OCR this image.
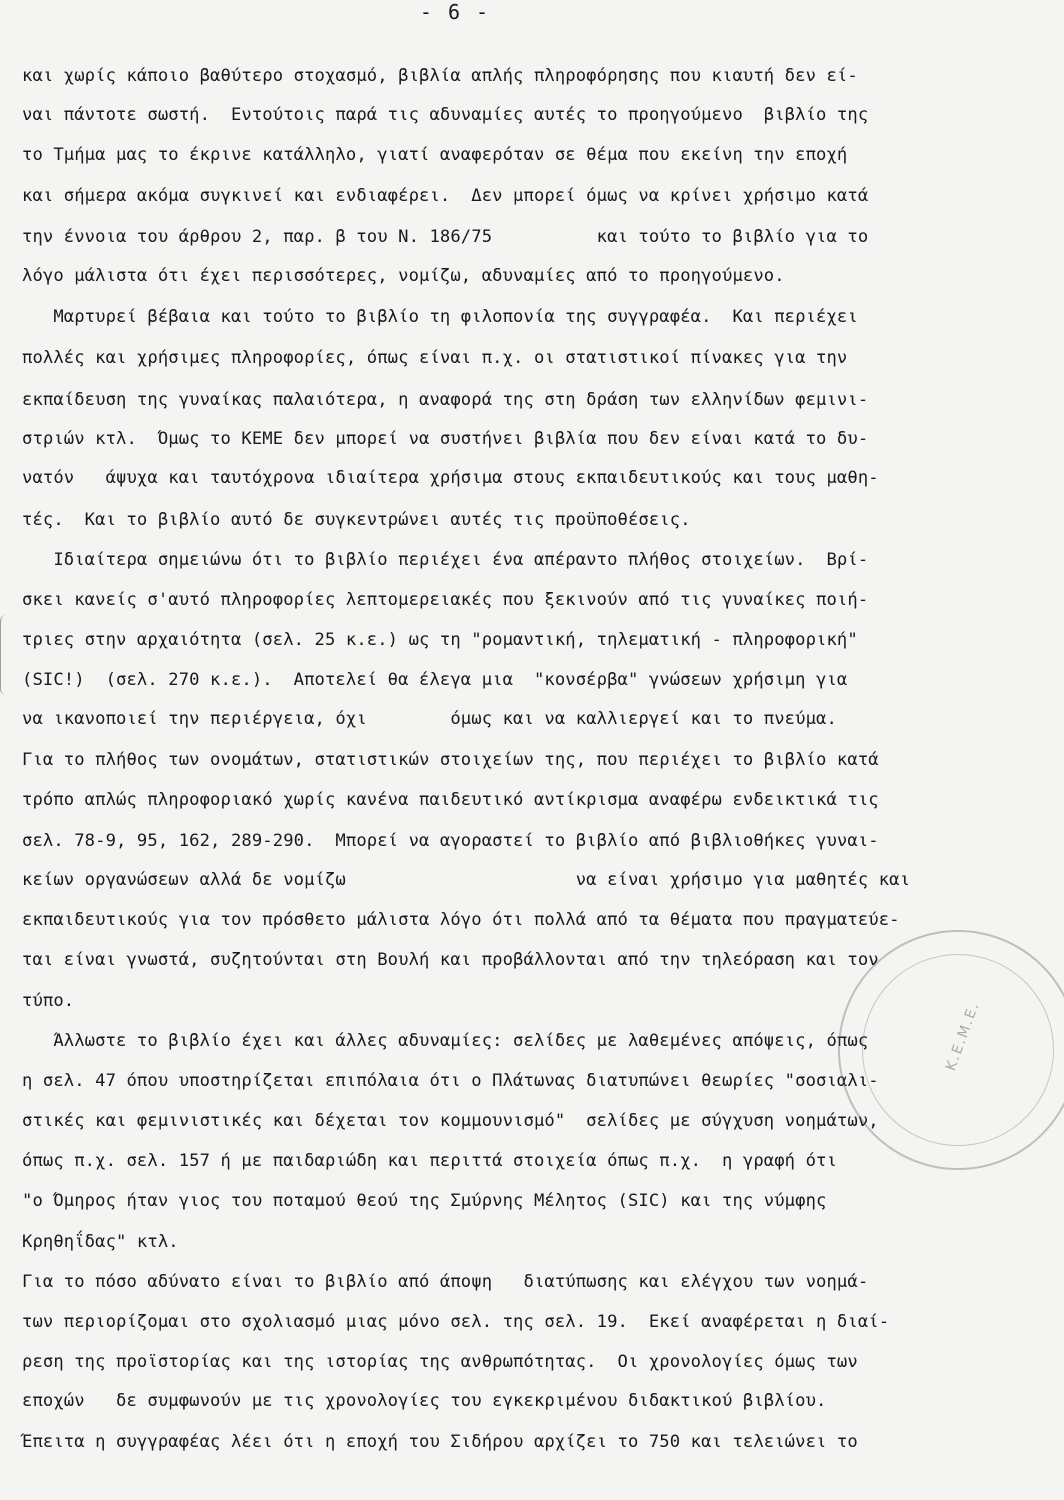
- 6 -

και χωρίς κάποιο βαθύτερο στοχασμό, βιβλία απλής πληροφόρησης που κιαυτή δεν εί-

ναι πάντοτε σωστή.  Εντούτοις παρά τις αδυναμίες αυτές το προηγούμενο  βιβλίο της

το Τμήμα μας το έκρινε κατάλληλο, γιατί αναφερόταν σε θέμα που εκείνη την εποχή

και σήμερα ακόμα συγκινεί και ενδιαφέρει.  Δεν μπορεί όμως να κρίνει χρήσιμο κατά

την έννοια του άρθρου 2, παρ. β του Ν. 186/75          και τούτο το βιβλίο για το

λόγο μάλιστα ότι έχει περισσότερες, νομίζω, αδυναμίες από το προηγούμενο.

Μαρτυρεί βέβαια και τούτο το βιβλίο τη φιλοπονία της συγγραφέα.  Και περιέχει

πολλές και χρήσιμες πληροφορίες, όπως είναι π.χ. οι στατιστικοί πίνακες για την

εκπαίδευση της γυναίκας παλαιότερα, η αναφορά της στη δράση των ελληνίδων φεμινι-

στριών κτλ.  Όμως το ΚΕΜΕ δεν μπορεί να συστήνει βιβλία που δεν είναι κατά το δυ-

νατόν   άψυχα και ταυτόχρονα ιδιαίτερα χρήσιμα στους εκπαιδευτικούς και τους μαθη-

τές.  Και το βιβλίο αυτό δε συγκεντρώνει αυτές τις προϋποθέσεις.

Ιδιαίτερα σημειώνω ότι το βιβλίο περιέχει ένα απέραντο πλήθος στοιχείων.  Βρί-

σκει κανείς σ'αυτό πληροφορίες λεπτομερειακές που ξεκινούν από τις γυναίκες ποιή-

τριες στην αρχαιότητα (σελ. 25 κ.ε.) ως τη "ρομαντική, τηλεματική - πληροφορική"

(SIC!)  (σελ. 270 κ.ε.).  Αποτελεί θα έλεγα μια  "κονσέρβα" γνώσεων χρήσιμη για

να ικανοποιεί την περιέργεια, όχι        όμως και να καλλιεργεί και το πνεύμα.

Για το πλήθος των ονομάτων, στατιστικών στοιχείων της, που περιέχει το βιβλίο κατά

τρόπο απλώς πληροφοριακό χωρίς κανένα παιδευτικό αντίκρισμα αναφέρω ενδεικτικά τις

σελ. 78-9, 95, 162, 289-290.  Μπορεί να αγοραστεί το βιβλίο από βιβλιοθήκες γυναι-

κείων οργανώσεων αλλά δε νομίζω                      να είναι χρήσιμο για μαθητές και

εκπαιδευτικούς για τον πρόσθετο μάλιστα λόγο ότι πολλά από τα θέματα που πραγματεύε-

ται είναι γνωστά, συζητούνται στη Βουλή και προβάλλονται από την τηλεόραση και τον

τύπο.

Άλλωστε το βιβλίο έχει και άλλες αδυναμίες: σελίδες με λαθεμένες απόψεις, όπως

η σελ. 47 όπου υποστηρίζεται επιπόλαια ότι ο Πλάτωνας διατυπώνει θεωρίες "σοσιαλι-

στικές και φεμινιστικές και δέχεται τον κομμουνισμό"  σελίδες με σύγχυση νοημάτων,

όπως π.χ. σελ. 157 ή με παιδαριώδη και περιττά στοιχεία όπως π.χ.  η γραφή ότι

"ο Όμηρος ήταν γιος του ποταμού θεού της Σμύρνης Μέλητος (SIC) και της νύμφης

Κρηθηΐδας" κτλ.

Για το πόσο αδύνατο είναι το βιβλίο από άποψη   διατύπωσης και ελέγχου των νοημά-

των περιορίζομαι στο σχολιασμό μιας μόνο σελ. της σελ. 19.  Εκεί αναφέρεται η διαί-

ρεση της προϊστορίας και της ιστορίας της ανθρωπότητας.  Οι χρονολογίες όμως των

εποχών   δε συμφωνούν με τις χρονολογίες του εγκεκριμένου διδακτικού βιβλίου.

Έπειτα η συγγραφέας λέει ότι η εποχή του Σιδήρου αρχίζει το 750 και τελειώνει το

Κ.Ε.Μ.Ε.
